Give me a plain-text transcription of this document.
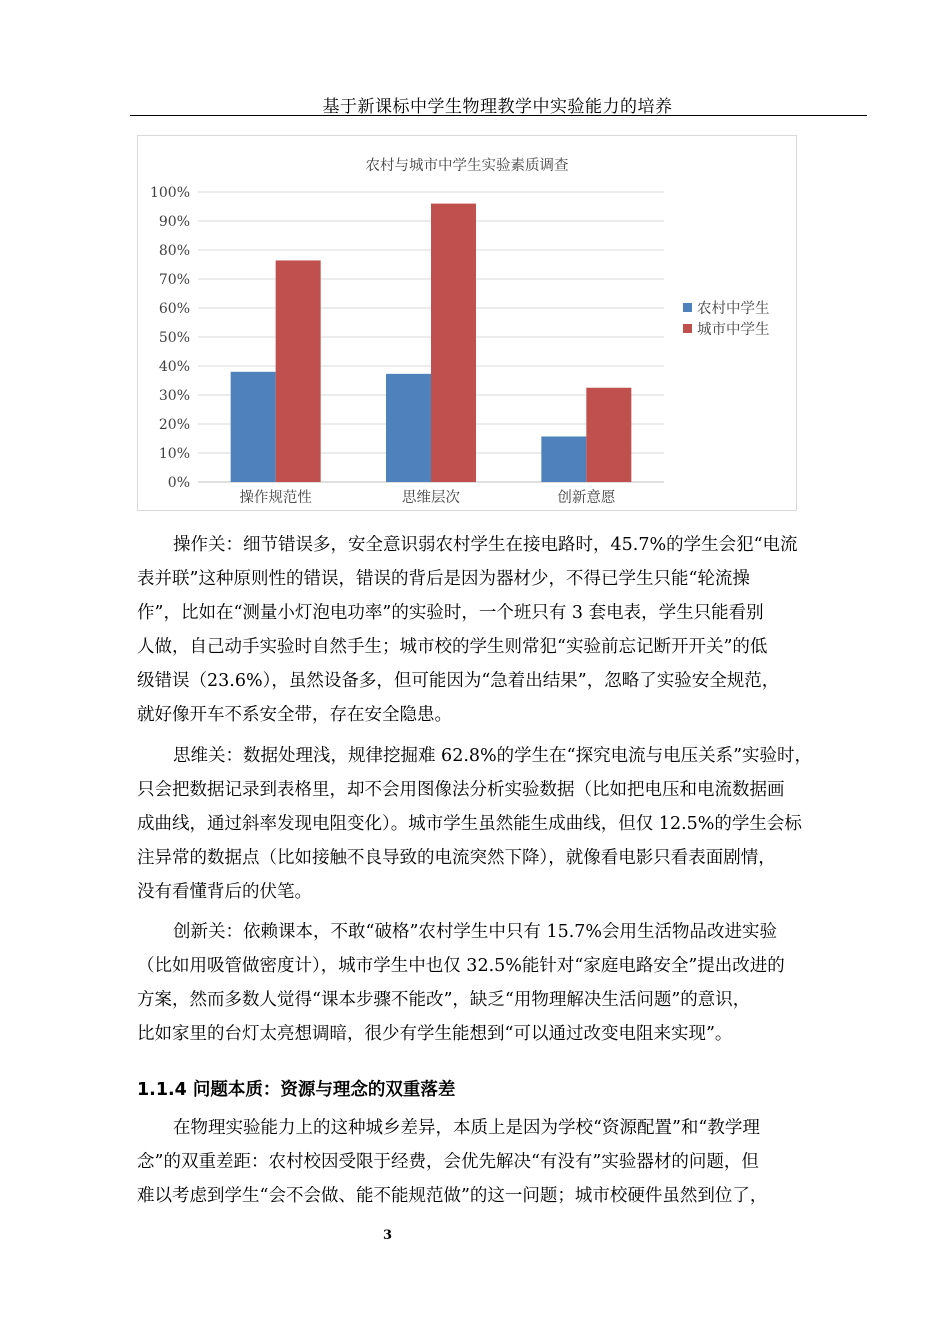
基于新课标中学生物理教学中实验能力的培养
农村与城市中学生实验素质调查
0%
10%
20%
30%
40%
50%
60%
70%
80%
90%
100%
操作规范性	思维层次	创新意愿
农村中学生
城市中学生
操作关：细节错误多，安全意识弱农村学生在接电路时，45.7%的学生会犯“电流
表并联”这种原则性的错误，错误的背后是因为器材少，不得已学生只能“轮流操
作”，比如在“测量小灯泡电功率”的实验时，一个班只有 3 套电表，学生只能看别
人做，自己动手实验时自然手生；城市校的学生则常犯“实验前忘记断开开关”的低
级错误（23.6%），虽然设备多，但可能因为“急着出结果”，忽略了实验安全规范，
就好像开车不系安全带，存在安全隐患。
思维关：数据处理浅，规律挖掘难 62.8%的学生在“探究电流与电压关系”实验时，
只会把数据记录到表格里，却不会用图像法分析实验数据（比如把电压和电流数据画
成曲线，通过斜率发现电阻变化）。城市学生虽然能生成曲线，但仅 12.5%的学生会标
注异常的数据点（比如接触不良导致的电流突然下降），就像看电影只看表面剧情，
没有看懂背后的伏笔。
创新关：依赖课本，不敢“破格”农村学生中只有 15.7%会用生活物品改进实验
（比如用吸管做密度计），城市学生中也仅 32.5%能针对“家庭电路安全”提出改进的
方案，然而多数人觉得“课本步骤不能改”，缺乏“用物理解决生活问题”的意识，
比如家里的台灯太亮想调暗，很少有学生能想到“可以通过改变电阻来实现”。
1.1.4 问题本质：资源与理念的双重落差
在物理实验能力上的这种城乡差异，本质上是因为学校“资源配置”和“教学理
念”的双重差距：农村校因受限于经费，会优先解决“有没有”实验器材的问题，但
难以考虑到学生“会不会做、能不能规范做”的这一问题；城市校硬件虽然到位了，
3
